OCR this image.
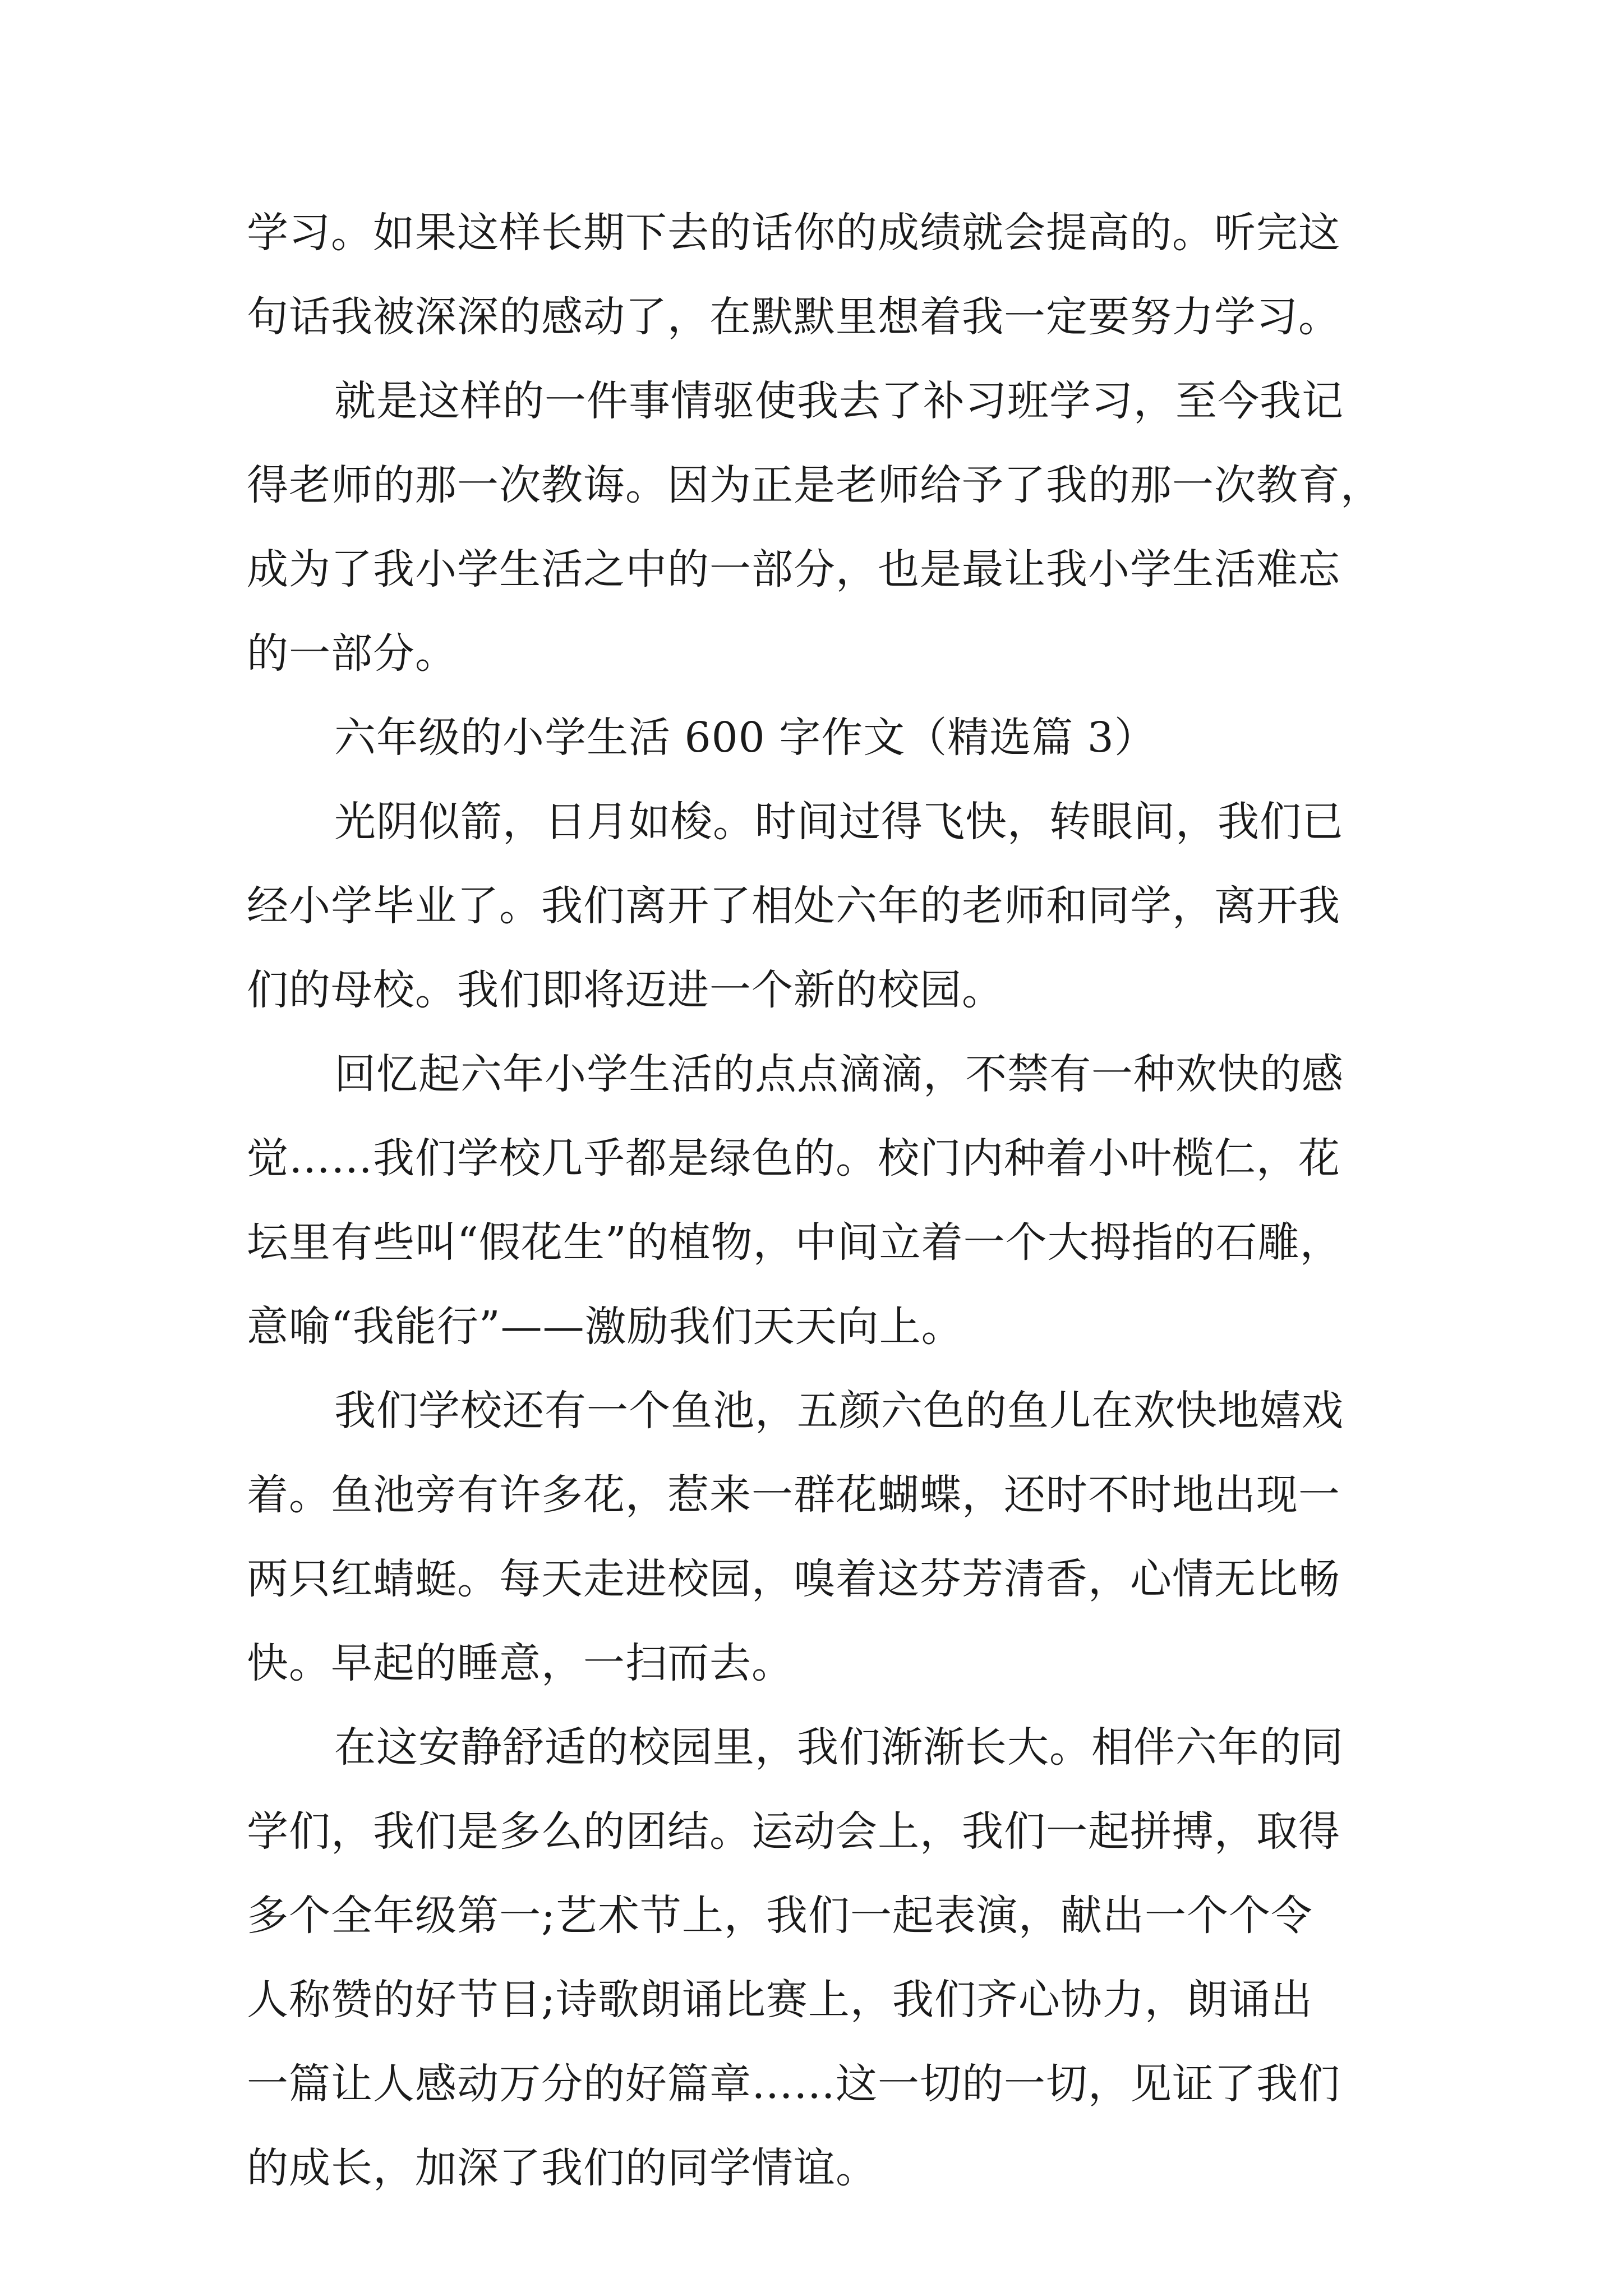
学习。如果这样长期下去的话你的成绩就会提高的。听完这
句话我被深深的感动了，在默默里想着我一定要努力学习。
就是这样的一件事情驱使我去了补习班学习，至今我记
得老师的那一次教诲。因为正是老师给予了我的那一次教育，
成为了我小学生活之中的一部分，也是最让我小学生活难忘
的一部分。
六年级的小学生活 600 字作文（精选篇 3）
光阴似箭，日月如梭。时间过得飞快，转眼间，我们已
经小学毕业了。我们离开了相处六年的老师和同学，离开我
们的母校。我们即将迈进一个新的校园。
回忆起六年小学生活的点点滴滴，不禁有一种欢快的感
觉……我们学校几乎都是绿色的。校门内种着小叶榄仁，花
坛里有些叫“假花生”的植物，中间立着一个大拇指的石雕，
意喻“我能行”——激励我们天天向上。
我们学校还有一个鱼池，五颜六色的鱼儿在欢快地嬉戏
着。鱼池旁有许多花，惹来一群花蝴蝶，还时不时地出现一
两只红蜻蜓。每天走进校园，嗅着这芬芳清香，心情无比畅
快。早起的睡意，一扫而去。
在这安静舒适的校园里，我们渐渐长大。相伴六年的同
学们，我们是多么的团结。运动会上，我们一起拼搏，取得
多个全年级第一;艺术节上，我们一起表演，献出一个个令
人称赞的好节目;诗歌朗诵比赛上，我们齐心协力，朗诵出
一篇让人感动万分的好篇章……这一切的一切，见证了我们
的成长，加深了我们的同学情谊。
